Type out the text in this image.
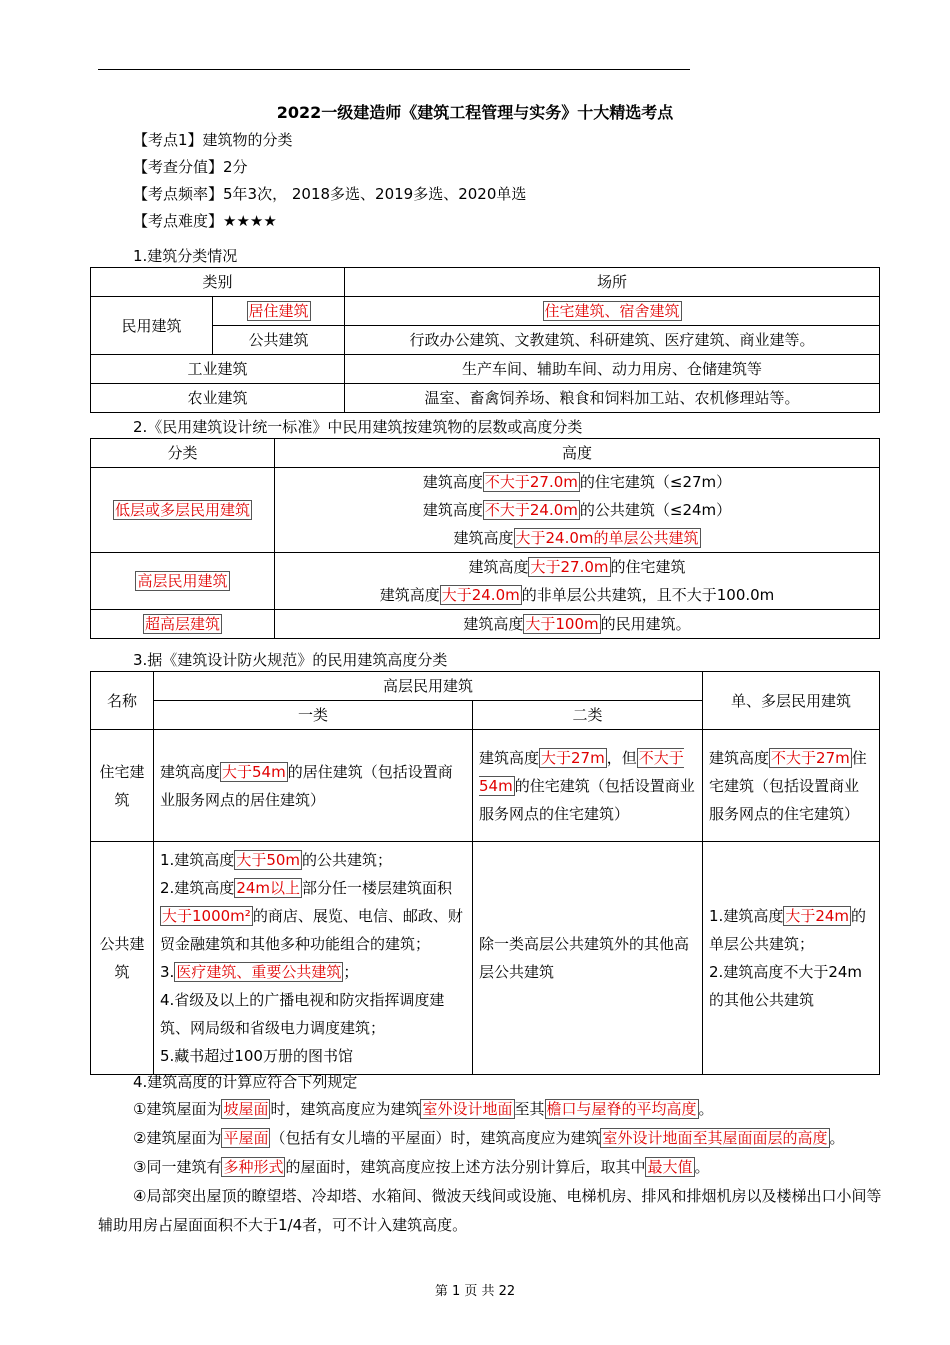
2022一级建造师《建筑工程管理与实务》十大精选考点
【考点1】建筑物的分类
【考查分值】2分
【考点频率】5年3次， 2018多选、2019多选、2020单选
【考点难度】★★★★
1.建筑分类情况
类别		场所
民用建筑	居住建筑	住宅建筑、宿舍建筑
	公共建筑	行政办公建筑、文教建筑、科研建筑、医疗建筑、商业建等。
工业建筑		生产车间、辅助车间、动力用房、仓储建筑等
农业建筑		温室、畜禽饲养场、粮食和饲料加工站、农机修理站等。
2.《民用建筑设计统一标准》中民用建筑按建筑物的层数或高度分类
分类	高度
低层或多层民用建筑	建筑高度 不大于27.0m 的住宅建筑（≤27m）
建筑高度 不大于24.0m 的公共建筑（≤24m）
建筑高度 大于24.0m的单层公共建筑

高层民用建筑	建筑高度 大于27.0m 的住宅建筑
建筑高度 大于24.0m 的非单层公共建筑，且不大于100.0m

超高层建筑	建筑高度 大于100m 的民用建筑。
3.据《建筑设计防火规范》的民用建筑高度分类
名称	高层民用建筑		单、多层民用建筑
	一类	二类	
住宅建筑	建筑高度 大于54m 的居住建筑（包括设置商业服务网点的居住建筑）	建筑高度 大于27m ，但 不大于54m 的住宅建筑（包括设置商业服务网点的住宅建筑）	建筑高度 不大于27m 住宅建筑（包括设置商业服务网点的住宅建筑）
公共建筑	1.建筑高度 大于50m 的公共建筑；
2.建筑高度 24m以上 部分任一楼层建筑面积大于1000m² 的商店、展览、电信、邮政、财贸金融建筑和其他多种功能组合的建筑；
3. 医疗建筑、重要公共建筑 ；
4.省级及以上的广播电视和防灾指挥调度建筑、网局级和省级电力调度建筑；
5.藏书超过100万册的图书馆	除一类高层公共建筑外的其他高层公共建筑	1.建筑高度 大于24m 的单层公共建筑；
2.建筑高度不大于24m的其他公共建筑
4.建筑高度的计算应符合下列规定
①建筑屋面为 坡屋面 时，建筑高度应为建筑 室外设计地面 至其 檐口与屋脊的平均高度 。
②建筑屋面为 平屋面 （包括有女儿墙的平屋面）时，建筑高度应为建筑 室外设计地面至其屋面面层的高度 。
③同一建筑有 多种形式 的屋面时，建筑高度应按上述方法分别计算后，取其中 最大值 。
④局部突出屋顶的瞭望塔、冷却塔、水箱间、微波天线间或设施、电梯机房、排风和排烟机房以及楼梯出口小间等辅助用房占屋面面积不大于1/4者，可不计入建筑高度。
第 1 页 共 22
